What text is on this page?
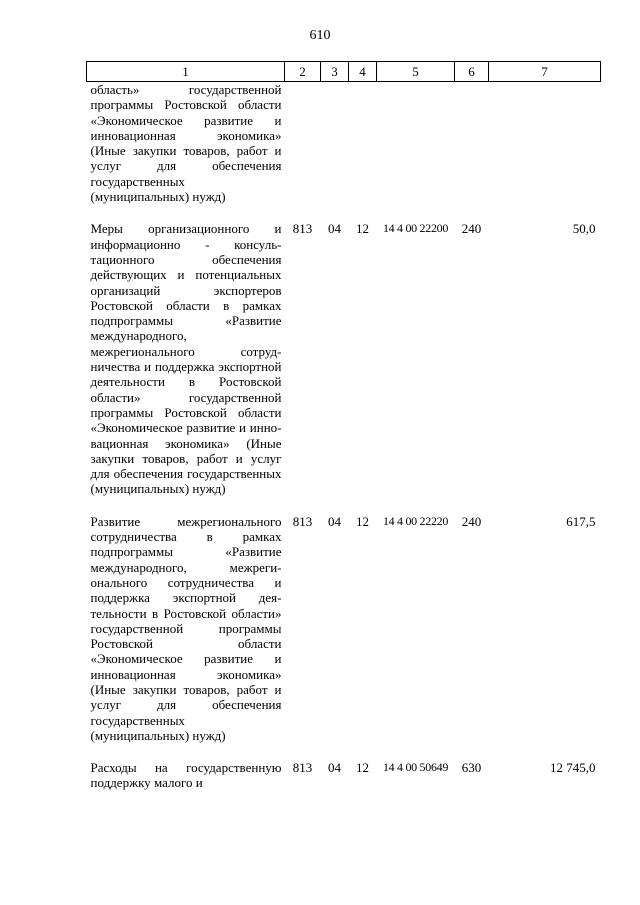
610
1	2	3	4	5	6	7
область» государственной программы Ростовской области «Экономическое развитие и инновационная экономика» (Иные закупки товаров, работ и услуг для обеспечения государственных (муниципальных) нужд)						
Меры организационного и информационно - консультационного обеспечения действующих и потенциальных организаций экспортеров Ростовской области в рамках подпрограммы «Развитие международного, межрегионального сотрудничества и поддержка экспортной деятельности в Ростовской области» государственной программы Ростовской области «Экономическое развитие и инновационная экономика» (Иные закупки товаров, работ и услуг для обеспечения государственных (муниципальных) нужд)	813	04	12	14 4 00 22200	240	50,0
Развитие межрегионального сотрудничества в рамках подпрограммы «Развитие международного, межрегионального сотрудничества и поддержка экспортной деятельности в Ростовской области» государственной программы Ростовской области «Экономическое развитие и инновационная экономика» (Иные закупки товаров, работ и услуг для обеспечения государственных (муниципальных) нужд)	813	04	12	14 4 00 22220	240	617,5
Расходы на государственную поддержку малого и	813	04	12	14 4 00 50649	630	12 745,0
